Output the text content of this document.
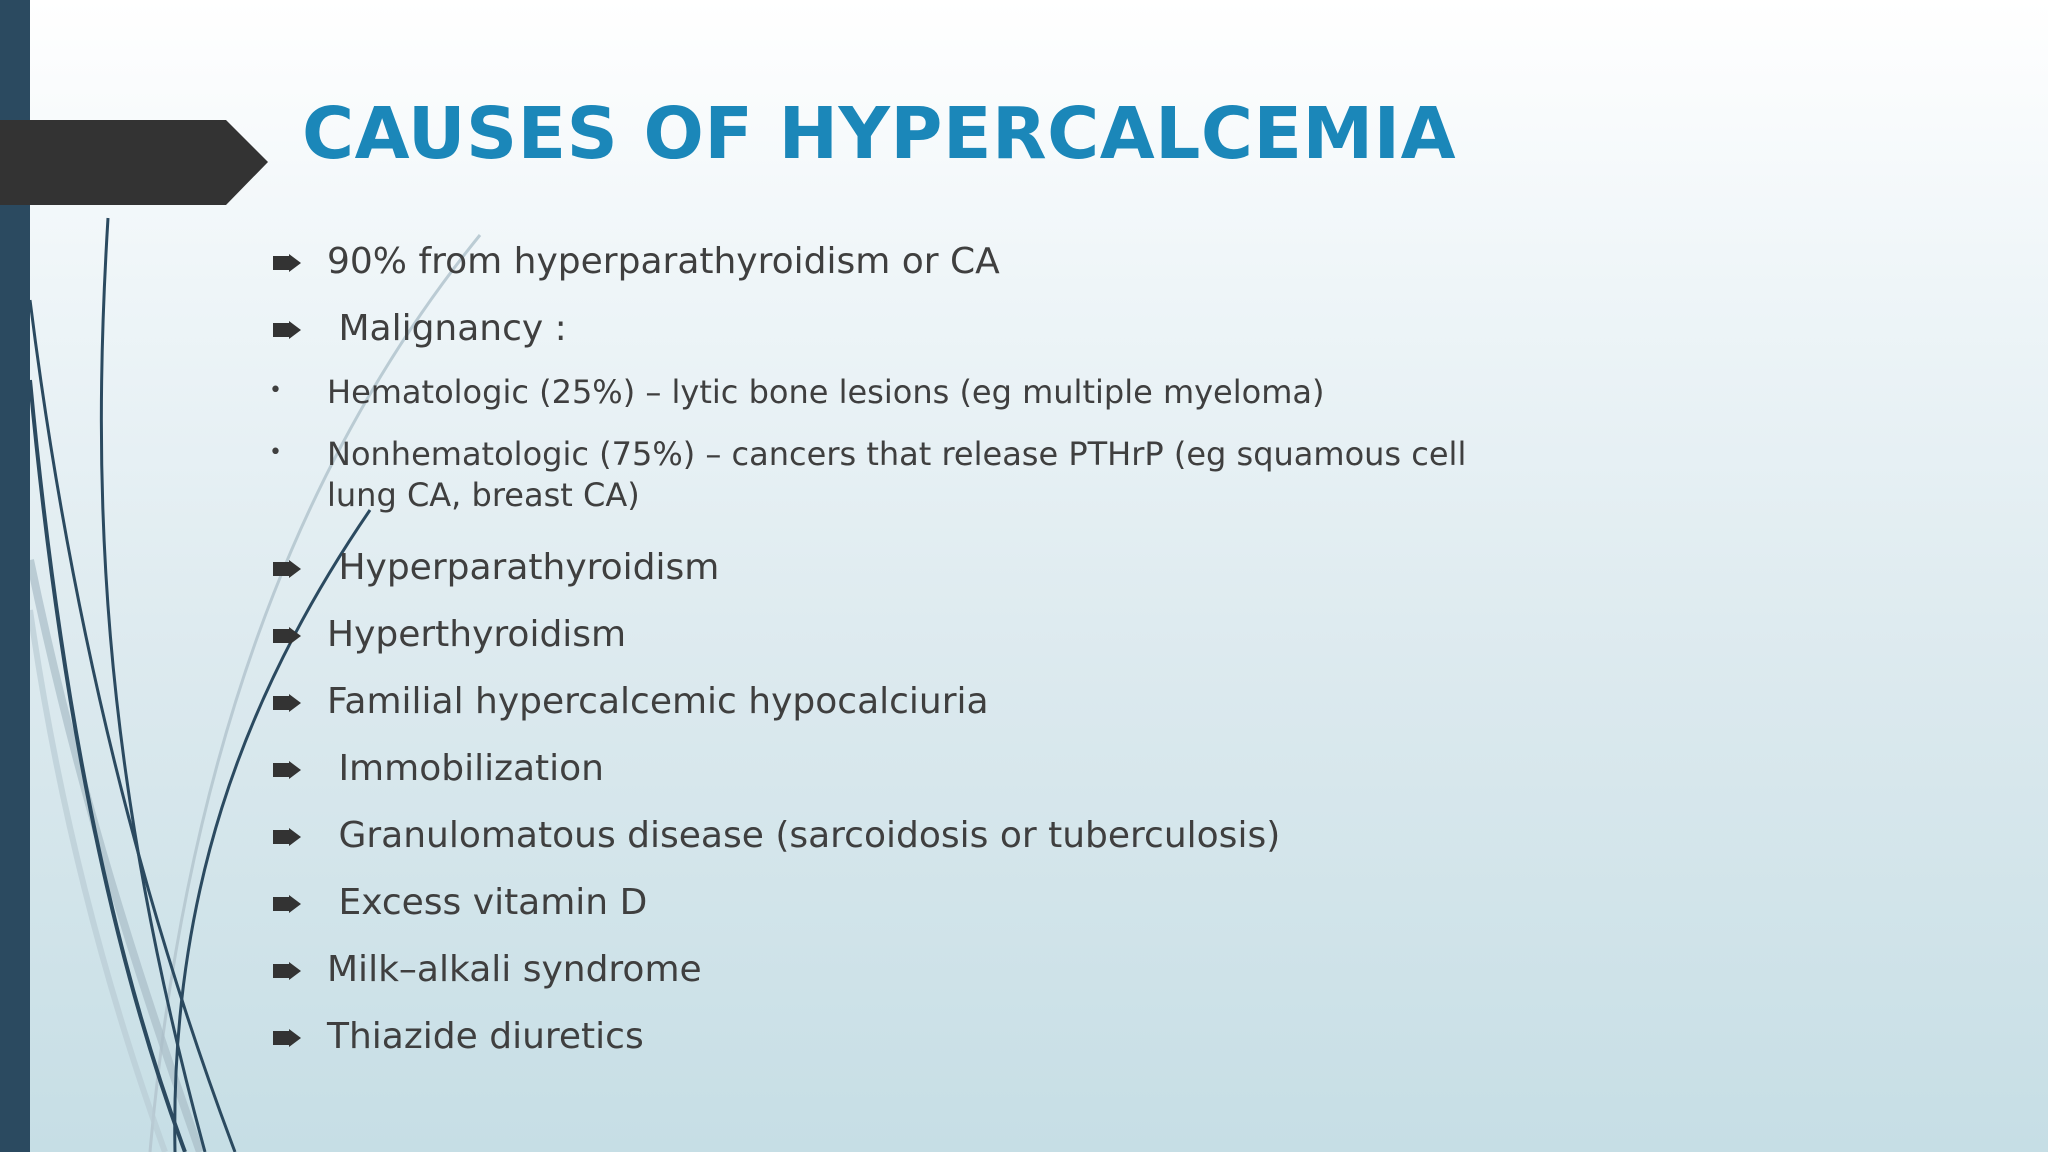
CAUSES OF HYPERCALCEMIA
90% from hyperparathyroidism or CA
Malignancy :
•	Hematologic (25%) – lytic bone lesions (eg multiple myeloma)
•	Nonhematologic (75%) – cancers that release PTHrP (eg squamous cell lung CA, breast CA)
Hyperparathyroidism
Hyperthyroidism
Familial hypercalcemic hypocalciuria
Immobilization
Granulomatous disease (sarcoidosis or tuberculosis)
Excess vitamin D
Milk–alkali syndrome
Thiazide diuretics
